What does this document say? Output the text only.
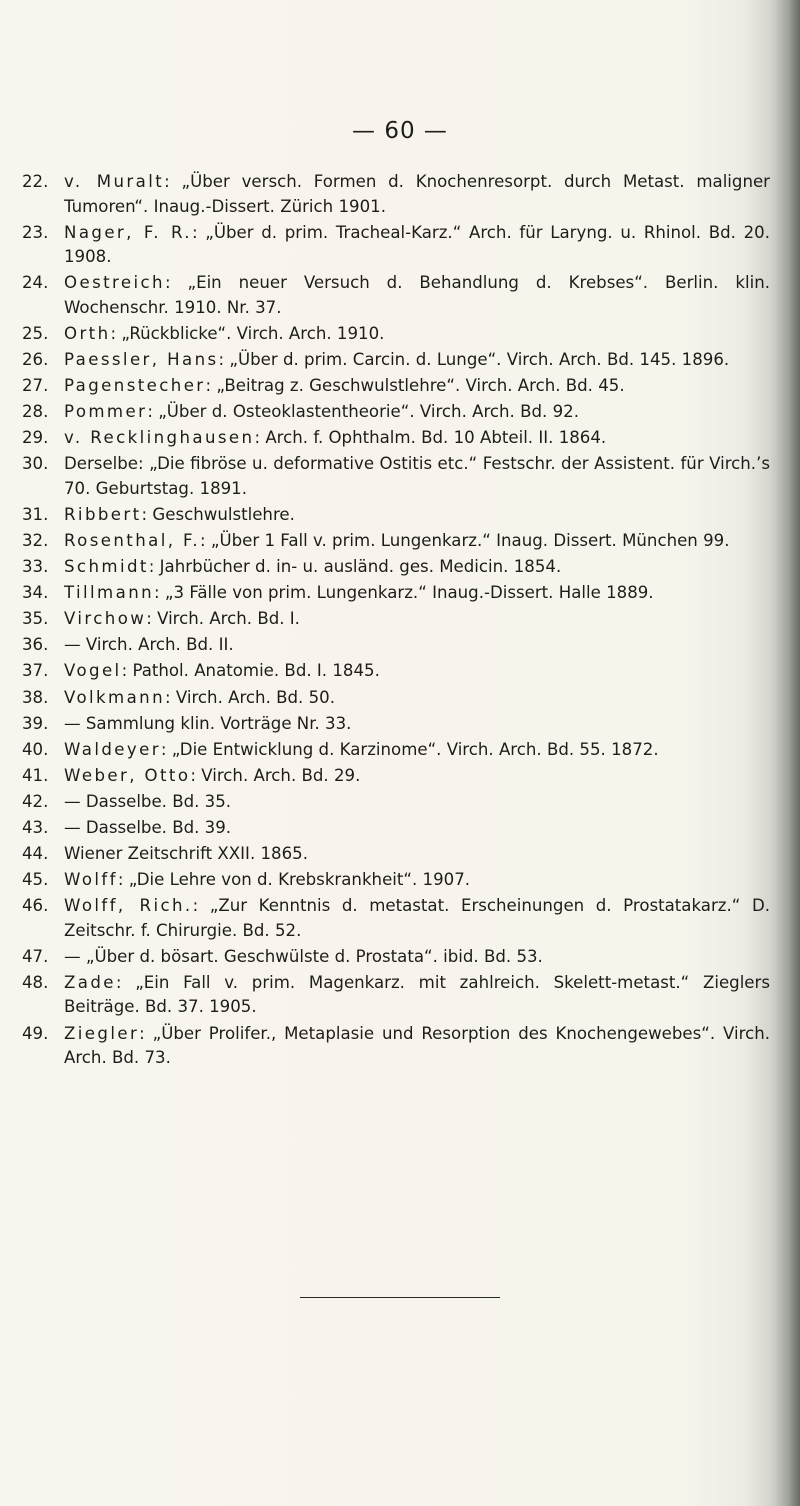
— 60 —
22. v. Muralt: „Über versch. Formen d. Knochenresorpt. durch Metast. maligner Tumoren“. Inaug.-Dissert. Zürich 1901.
23. Nager, F. R.: „Über d. prim. Tracheal-Karz.“ Arch. für Laryng. u. Rhinol. Bd. 20. 1908.
24. Oestreich: „Ein neuer Versuch d. Behandlung d. Krebses“. Berlin. klin. Wochenschr. 1910. Nr. 37.
25. Orth: „Rückblicke“. Virch. Arch. 1910.
26. Paessler, Hans: „Über d. prim. Carcin. d. Lunge“. Virch. Arch. Bd. 145. 1896.
27. Pagenstecher: „Beitrag z. Geschwulstlehre“. Virch. Arch. Bd. 45.
28. Pommer: „Über d. Osteoklastentheorie“. Virch. Arch. Bd. 92.
29. v. Recklinghausen: Arch. f. Ophthalm. Bd. 10 Abteil. II. 1864.
30. Derselbe: „Die fibröse u. deformative Ostitis etc.“ Festschr. der Assistent. für Virch.’s 70. Geburtstag. 1891.
31. Ribbert: Geschwulstlehre.
32. Rosenthal, F.: „Über 1 Fall v. prim. Lungenkarz.“ Inaug. Dissert. München 99.
33. Schmidt: Jahrbücher d. in- u. ausländ. ges. Medicin. 1854.
34. Tillmann: „3 Fälle von prim. Lungenkarz.“ Inaug.-Dissert. Halle 1889.
35. Virchow: Virch. Arch. Bd. I.
36. — Virch. Arch. Bd. II.
37. Vogel: Pathol. Anatomie. Bd. I. 1845.
38. Volkmann: Virch. Arch. Bd. 50.
39. — Sammlung klin. Vorträge Nr. 33.
40. Waldeyer: „Die Entwicklung d. Karzinome“. Virch. Arch. Bd. 55. 1872.
41. Weber, Otto: Virch. Arch. Bd. 29.
42. — Dasselbe. Bd. 35.
43. — Dasselbe. Bd. 39.
44. Wiener Zeitschrift XXII. 1865.
45. Wolff: „Die Lehre von d. Krebskrankheit“. 1907.
46. Wolff, Rich.: „Zur Kenntnis d. metastat. Erscheinungen d. Prostatakarz.“ D. Zeitschr. f. Chirurgie. Bd. 52.
47. — „Über d. bösart. Geschwülste d. Prostata“. ibid. Bd. 53.
48. Zade: „Ein Fall v. prim. Magenkarz. mit zahlreich. Skelett-metast.“ Zieglers Beiträge. Bd. 37. 1905.
49. Ziegler: „Über Prolifer., Metaplasie und Resorption des Knochengewebes“. Virch. Arch. Bd. 73.
